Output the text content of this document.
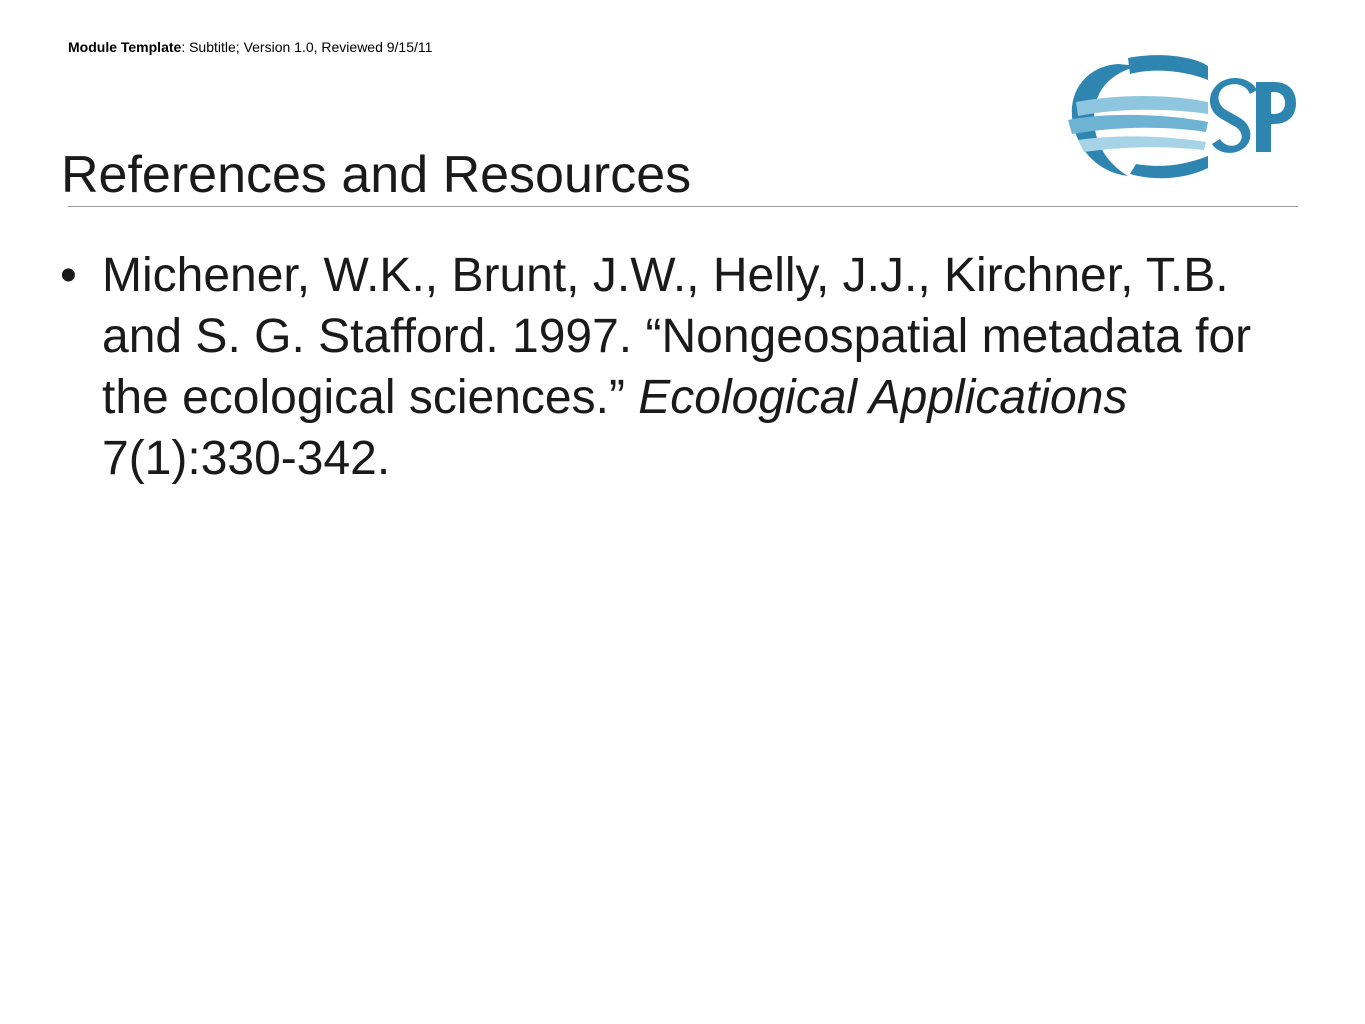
Module Template: Subtitle; Version 1.0, Reviewed 9/15/11
References and Resources
• Michener, W.K., Brunt, J.W., Helly, J.J., Kirchner, T.B. and S. G. Stafford. 1997. “Nongeospatial metadata for the ecological sciences.” Ecological Applications 7(1):330-342.
